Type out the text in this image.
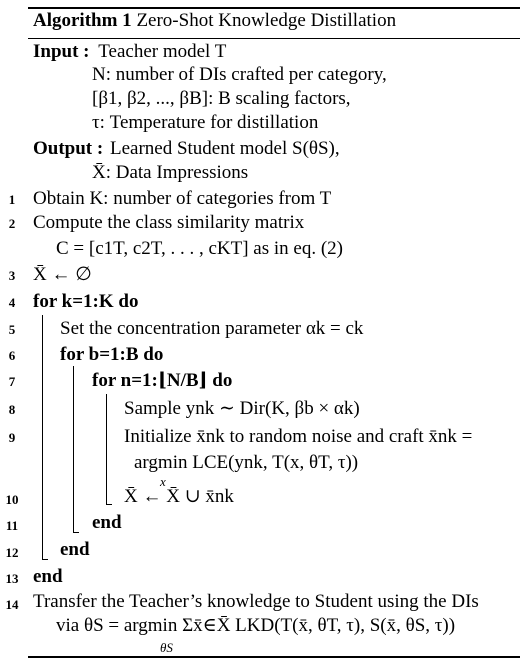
Algorithm 1 Zero-Shot Knowledge Distillation
Input : Teacher model T
N: number of DIs crafted per category,
[β1, β2, ..., βB]: B scaling factors,
τ: Temperature for distillation
Output : Learned Student model S(θS),
X̄: Data Impressions
1 Obtain K: number of categories from T
2 Compute the class similarity matrix
C = [c1T, c2T, . . . , cKT] as in eq. (2)
3 X̄ ← ∅
4 for k=1:K do
5	Set the concentration parameter αk = ck
6	for b=1:B do
7	for n=1:⌊N/B⌋ do
8	Sample ynk ∼ Dir(K, βb × αk)
9	Initialize x̄nk to random noise and craft x̄nk =
argmin LCE(ynk, T(x, θT, τ))
x
10	X̄ ← X̄ ∪ x̄nk
11	end
12 end
13 end
14 Transfer the Teacher’s knowledge to Student using the DIs
via θS = argmin Σx̄∈X̄ LKD(T(x̄, θT, τ), S(x̄, θS, τ))
θS
